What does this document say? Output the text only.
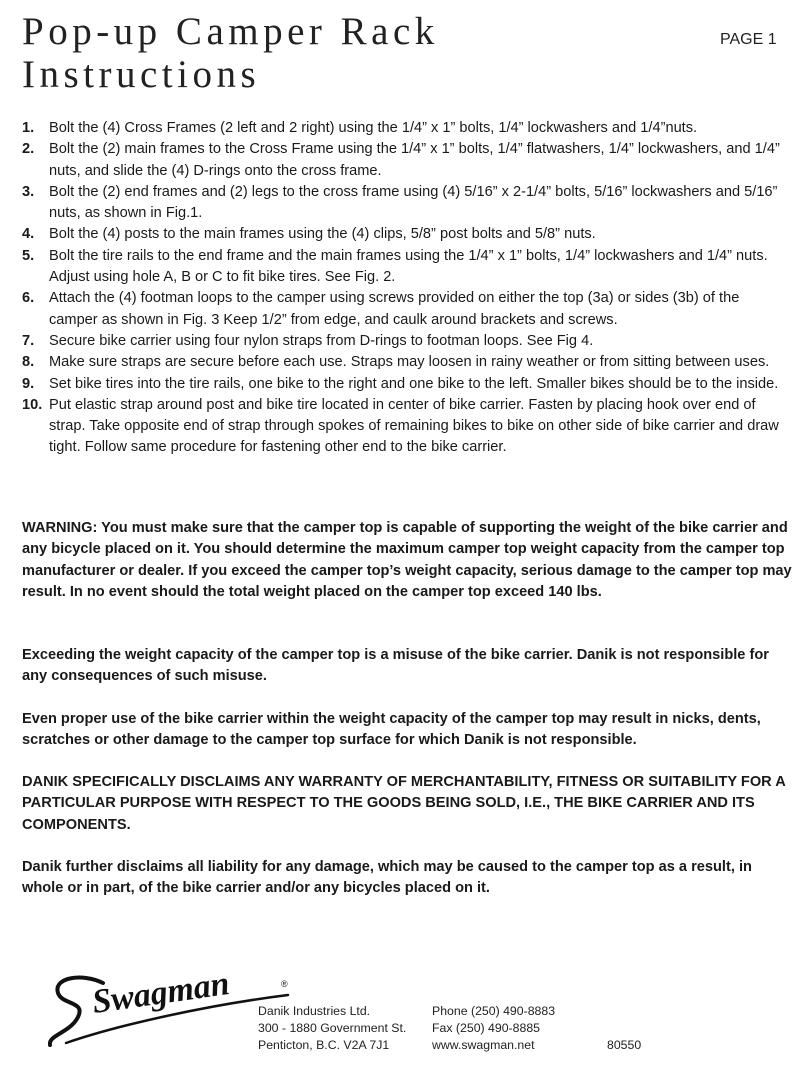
Pop-up Camper Rack
Instructions
PAGE 1
1. Bolt the (4) Cross Frames (2 left and 2 right) using the 1/4” x 1” bolts, 1/4” lockwashers and 1/4”nuts.
2. Bolt the (2) main frames to the Cross Frame using the 1/4” x 1” bolts, 1/4” flatwashers, 1/4” lockwashers, and 1/4” nuts, and slide the (4) D-rings onto the cross frame.
3. Bolt the (2) end frames and (2) legs to the cross frame using (4) 5/16” x 2-1/4” bolts, 5/16” lockwashers and 5/16” nuts, as shown in Fig.1.
4. Bolt the (4) posts to the main frames using the (4) clips, 5/8” post bolts and 5/8” nuts.
5. Bolt the tire rails to the end frame and the main frames using the 1/4” x 1” bolts, 1/4” lockwashers and 1/4” nuts. Adjust using hole A, B or C to fit bike tires. See Fig. 2.
6. Attach the (4) footman loops to the camper using screws provided on either the top (3a) or sides (3b) of the camper as shown in Fig. 3 Keep 1/2” from edge, and caulk around brackets and screws.
7. Secure bike carrier using four nylon straps from D-rings to footman loops. See Fig 4.
8. Make sure straps are secure before each use. Straps may loosen in rainy weather or from sitting between uses.
9. Set bike tires into the tire rails, one bike to the right and one bike to the left. Smaller bikes should be to the inside.
10. Put elastic strap around post and bike tire located in center of bike carrier. Fasten by placing hook over end of strap. Take opposite end of strap through spokes of remaining bikes to bike on other side of bike carrier and draw tight. Follow same procedure for fastening other end to the bike carrier.

WARNING: You must make sure that the camper top is capable of supporting the weight of the bike carrier and any bicycle placed on it. You should determine the maximum camper top weight capacity from the camper top manufacturer or dealer. If you exceed the camper top’s weight capacity, serious damage to the camper top may result. In no event should the total weight placed on the camper top exceed 140 lbs.

Exceeding the weight capacity of the camper top is a misuse of the bike carrier. Danik is not responsible for any consequences of such misuse.

Even proper use of the bike carrier within the weight capacity of the camper top may result in nicks, dents, scratches or other damage to the camper top surface for which Danik is not responsible.

DANIK SPECIFICALLY DISCLAIMS ANY WARRANTY OF MERCHANTABILITY, FITNESS OR SUITABILITY FOR A PARTICULAR PURPOSE WITH RESPECT TO THE GOODS BEING SOLD, I.E., THE BIKE CARRIER AND ITS COMPONENTS.

Danik further disclaims all liability for any damage, which may be caused to the camper top as a result, in whole or in part, of the bike carrier and/or any bicycles placed on it.

Swagman	®
Danik Industries Ltd.
300 - 1880 Government St.
Penticton, B.C. V2A 7J1
Phone (250) 490-8883
Fax (250) 490-8885
www.swagman.net	80550
